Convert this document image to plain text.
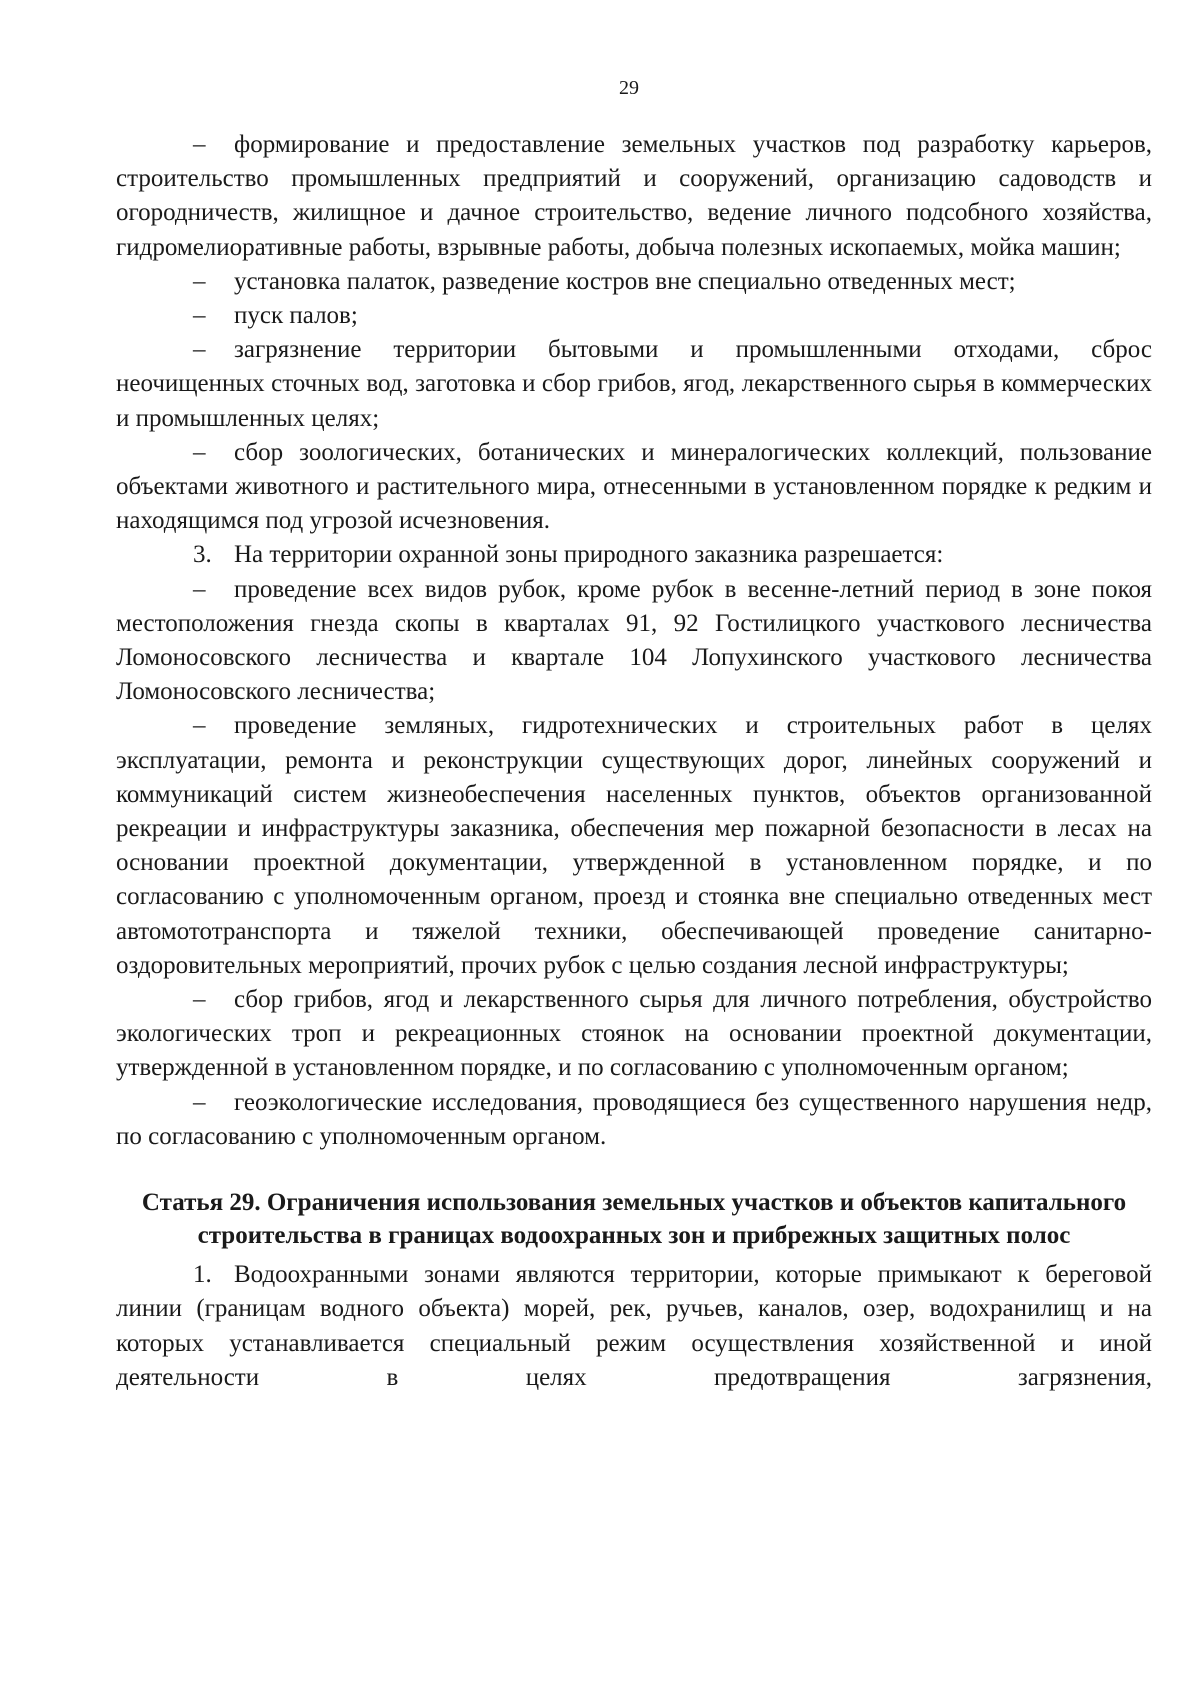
29

– формирование и предоставление земельных участков под разработку карьеров, строительство промышленных предприятий и сооружений, организацию садоводств и огородничеств, жилищное и дачное строительство, ведение личного подсобного хозяйства, гидромелиоративные работы, взрывные работы, добыча полезных ископаемых, мойка машин;

– установка палаток, разведение костров вне специально отведенных мест;

– пуск палов;

– загрязнение территории бытовыми и промышленными отходами, сброс неочищенных сточных вод, заготовка и сбор грибов, ягод, лекарственного сырья в коммерческих и промышленных целях;

– сбор зоологических, ботанических и минералогических коллекций, пользование объектами животного и растительного мира, отнесенными в установленном порядке к редким и находящимся под угрозой исчезновения.

3. На территории охранной зоны природного заказника разрешается:

– проведение всех видов рубок, кроме рубок в весенне-летний период в зоне покоя местоположения гнезда скопы в кварталах 91, 92 Гостилицкого участкового лесничества Ломоносовского лесничества и квартале 104 Лопухинского участкового лесничества Ломоносовского лесничества;

– проведение земляных, гидротехнических и строительных работ в целях эксплуатации, ремонта и реконструкции существующих дорог, линейных сооружений и коммуникаций систем жизнеобеспечения населенных пунктов, объектов организованной рекреации и инфраструктуры заказника, обеспечения мер пожарной безопасности в лесах на основании проектной документации, утвержденной в установленном порядке, и по согласованию с уполномоченным органом, проезд и стоянка вне специально отведенных мест автомототранспорта и тяжелой техники, обеспечивающей проведение санитарно-оздоровительных мероприятий, прочих рубок с целью создания лесной инфраструктуры;

– сбор грибов, ягод и лекарственного сырья для личного потребления, обустройство экологических троп и рекреационных стоянок на основании проектной документации, утвержденной в установленном порядке, и по согласованию с уполномоченным органом;

– геоэкологические исследования, проводящиеся без существенного нарушения недр, по согласованию с уполномоченным органом.

Статья 29. Ограничения использования земельных участков и объектов капитального строительства в границах водоохранных зон и прибрежных защитных полос

1. Водоохранными зонами являются территории, которые примыкают к береговой линии (границам водного объекта) морей, рек, ручьев, каналов, озер, водохранилищ и на которых устанавливается специальный режим осуществления хозяйственной и иной деятельности в целях предотвращения загрязнения,
